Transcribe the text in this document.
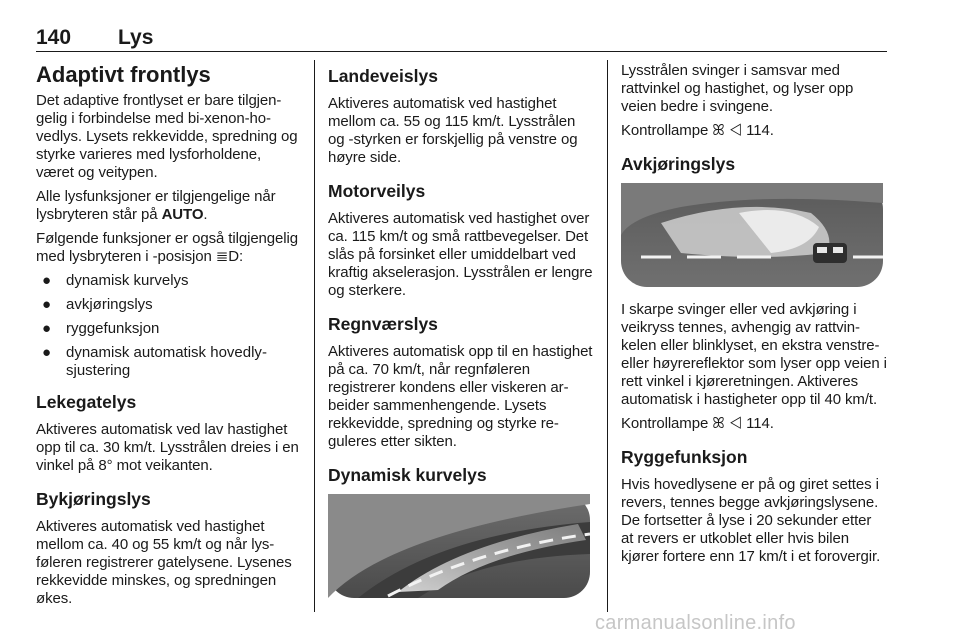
140 Lys
Adaptivt frontlys

Det adaptive frontlyset er bare tilgjengelig i forbindelse med bi-xenon-hovedlys. Lysets rekkevidde, spredning og styrke varieres med lysforholdene, været og veitypen.

Alle lysfunksjoner er tilgjengelige når lysbryteren står på AUTO.

Følgende funksjoner er også tilgjengelig med lysbryteren i -posisjon ≣D:

● dynamisk kurvelys
● avkjøringslys
● ryggefunksjon
● dynamisk automatisk hovedlysjustering
Lekegatelys

Aktiveres automatisk ved lav hastighet opp til ca. 30 km/t. Lysstrålen dreies i en vinkel på 8° mot veikanten.

Bykjøringslys

Aktiveres automatisk ved hastighet mellom ca. 40 og 55 km/t og når lysføleren registrerer gatelysene. Lysenes rekkevidde minskes, og spredningen økes.

Landeveislys

Aktiveres automatisk ved hastighet mellom ca. 55 og 115 km/t. Lysstrålen og -styrken er forskjellig på venstre og høyre side.

Motorveilys

Aktiveres automatisk ved hastighet over ca. 115 km/t og små rattbevegelser. Det slås på forsinket eller umiddelbart ved kraftig akselerasjon. Lysstrålen er lengre og sterkere.

Regnværslys

Aktiveres automatisk opp til en hastighet på ca. 70 km/t, når regnføleren registrerer kondens eller viskeren arbeider sammenhengende. Lysets rekkevidde, spredning og styrke reguleres etter sikten.

Dynamisk kurvelys

Lysstrålen svinger i samsvar med rattvinkel og hastighet, og lyser opp veien bedre i svingene.

Kontrollampe ꕤ ◁ 114.

Avkjøringslys

I skarpe svinger eller ved avkjøring i veikryss tennes, avhengig av rattvinkelen eller blinklyset, en ekstra venstre- eller høyrereflektor som lyser opp veien i rett vinkel i kjøreretningen. Aktiveres automatisk i hastigheter opp til 40 km/t.

Kontrollampe ꕤ ◁ 114.

Ryggefunksjon

Hvis hovedlysene er på og giret settes i revers, tennes begge avkjøringslysene. De fortsetter å lyse i 20 sekunder etter at revers er utkoblet eller hvis bilen kjører fortere enn 17 km/t i et forovergir.

carmanualsonline.info
